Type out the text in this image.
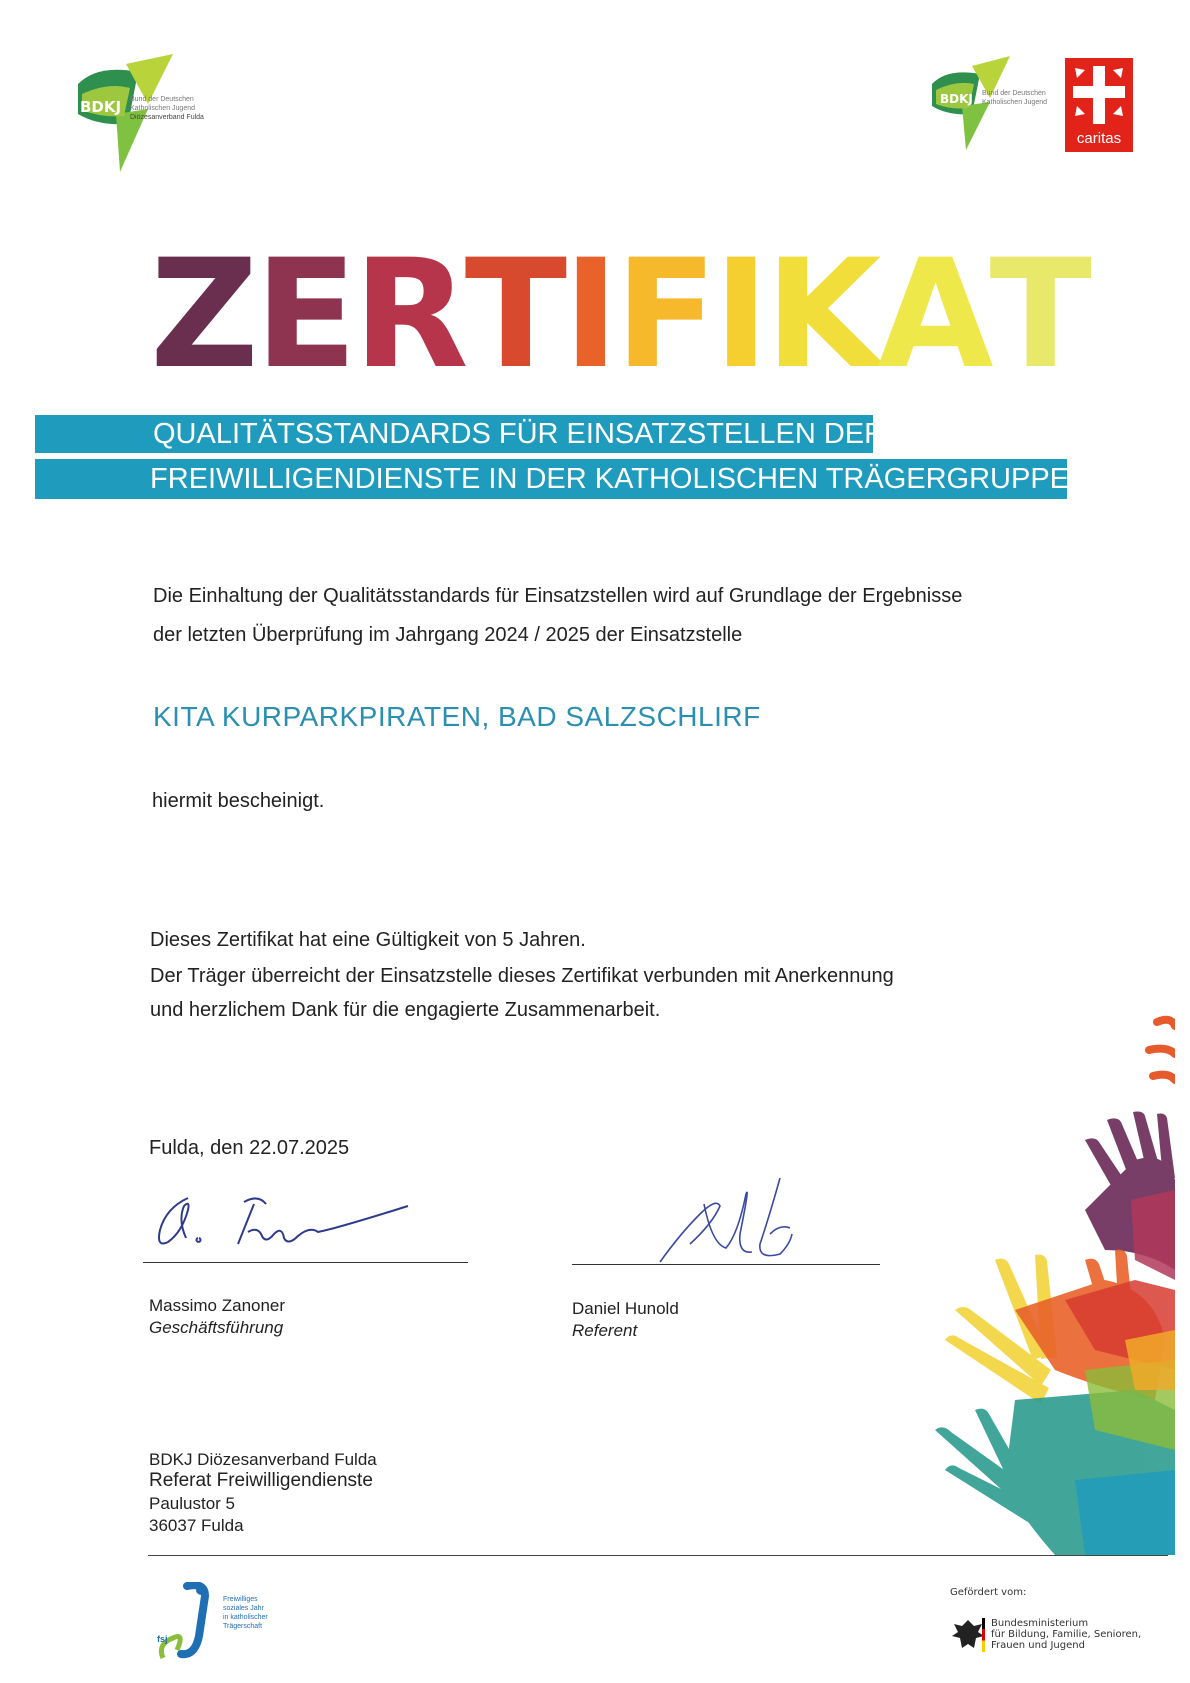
BDKJ Bund der Deutschen
Katholischen Jugend
Diözesanverband Fulda
BDKJ Bund der Deutschen
Katholischen Jugend
caritas
Z E R T I F I K A T
QUALITÄTSSTANDARDS FÜR EINSATZSTELLEN DER
FREIWILLIGENDIENSTE IN DER KATHOLISCHEN TRÄGERGRUPPE
Die Einhaltung der Qualitätsstandards für Einsatzstellen wird auf Grundlage der Ergebnisse
der letzten Überprüfung im Jahrgang 2024 / 2025 der Einsatzstelle
KITA KURPARKPIRATEN, BAD SALZSCHLIRF
hiermit bescheinigt.
Dieses Zertifikat hat eine Gültigkeit von 5 Jahren.
Der Träger überreicht der Einsatzstelle dieses Zertifikat verbunden mit Anerkennung
und herzlichem Dank für die engagierte Zusammenarbeit.
Fulda, den 22.07.2025
Massimo Zanoner
Geschäftsführung
Daniel Hunold
Referent
BDKJ Diözesanverband Fulda
Referat Freiwilligendienste
Paulustor 5
36037 Fulda
fsj
Freiwilliges
soziales Jahr
in katholischer
Trägerschaft
Gefördert vom:
Bundesministerium
für Bildung, Familie, Senioren,
Frauen und Jugend
